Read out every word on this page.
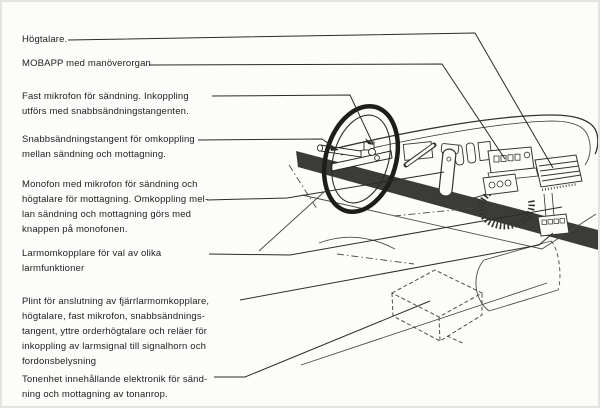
Högtalare.
MOBAPP med manöverorgan
Fast mikrofon för sändning. Inkoppling
utförs med snabbsändningstangenten.
Snabbsändningstangent för omkoppling
mellan sändning och mottagning.
Monofon med mikrofon för sändning och
högtalare för mottagning. Omkoppling mel-
lan sändning och mottagning görs med
knappen på monofonen.
Larmomkopplare för val av olika
larmfunktioner
Plint för anslutning av fjärrlarmomkopplare,
högtalare, fast mikrofon, snabbsändnings-
tangent, yttre orderhögtalare och reläer för
inkoppling av larmsignal till signalhorn och
fordonsbelysning
Tonenhet innehållande elektronik för sänd-
ning och mottagning av tonanrop.
